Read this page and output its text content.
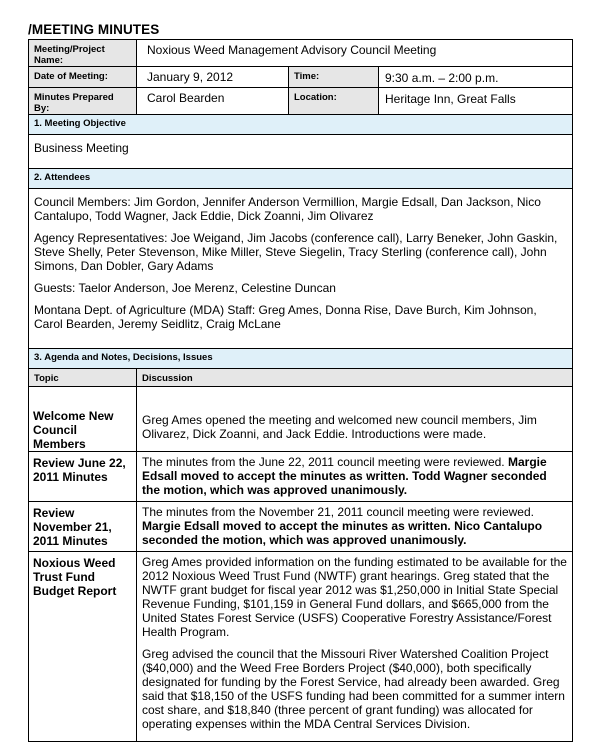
/MEETING MINUTES
Meeting/Project Name:	Noxious Weed Management Advisory Council Meeting		
Date of Meeting:	January 9, 2012	Time:	9:30 a.m. – 2:00 p.m.
Minutes Prepared By:	Carol Bearden	Location:	Heritage Inn, Great Falls
1. Meeting Objective			
Business Meeting			
2. Attendees			

Council Members: Jim Gordon, Jennifer Anderson Vermillion, Margie Edsall, Dan Jackson, Nico Cantalupo, Todd Wagner, Jack Eddie, Dick Zoanni, Jim Olivarez

Agency Representatives: Joe Weigand, Jim Jacobs (conference call), Larry Beneker, John Gaskin, Steve Shelly, Peter Stevenson, Mike Miller, Steve Siegelin, Tracy Sterling (conference call), John Simons, Dan Dobler, Gary Adams

Guests: Taelor Anderson, Joe Merenz, Celestine Duncan

Montana Dept. of Agriculture (MDA) Staff: Greg Ames, Donna Rise, Dave Burch, Kim Johnson, Carol Bearden, Jeremy Seidlitz, Craig McLane			

3. Agenda and Notes, Decisions, Issues			
Topic	Discussion		
Welcome New Council Members	Greg Ames opened the meeting and welcomed new council members, Jim Olivarez, Dick Zoanni, and Jack Eddie. Introductions were made.		
Review June 22, 2011 Minutes	The minutes from the June 22, 2011 council meeting were reviewed. Margie Edsall moved to accept the minutes as written. Todd Wagner seconded the motion, which was approved unanimously.		
Review November 21, 2011 Minutes	The minutes from the November 21, 2011 council meeting were reviewed. Margie Edsall moved to accept the minutes as written. Nico Cantalupo seconded the motion, which was approved unanimously.		
Noxious Weed Trust Fund Budget Report	Greg Ames provided information on the funding estimated to be available for the 2012 Noxious Weed Trust Fund (NWTF) grant hearings. Greg stated that the NWTF grant budget for fiscal year 2012 was $1,250,000 in Initial State Special Revenue Funding, $101,159 in General Fund dollars, and $665,000 from the United States Forest Service (USFS) Cooperative Forestry Assistance/Forest Health Program.

Greg advised the council that the Missouri River Watershed Coalition Project ($40,000) and the Weed Free Borders Project ($40,000), both specifically designated for funding by the Forest Service, had already been awarded. Greg said that $18,150 of the USFS funding had been committed for a summer intern cost share, and $18,840 (three percent of grant funding) was allocated for operating expenses within the MDA Central Services Division.		
